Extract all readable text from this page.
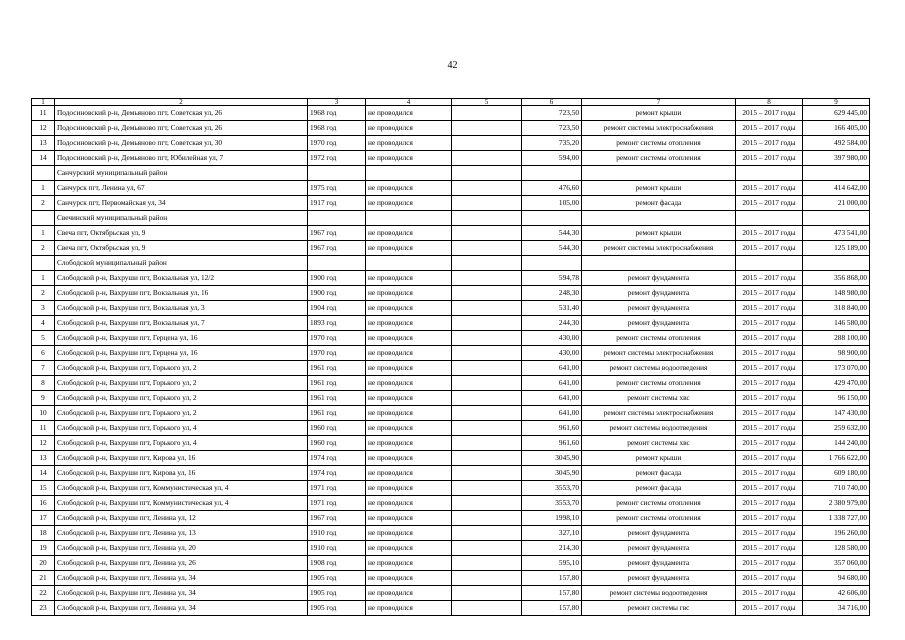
42
1	2	3	4	5	6	7	8	9
11	Подосиновский р-н, Демьяново пгт, Советская ул, 26	1968 год	не проводился		723,50	ремонт крыши	2015 – 2017 годы	629 445,00
12	Подосиновский р-н, Демьяново пгт, Советская ул, 26	1968 год	не проводился		723,50	ремонт системы электроснабжения	2015 – 2017 годы	166 405,00
13	Подосиновский р-н, Демьяново пгт, Советская ул, 30	1970 год	не проводился		735,20	ремонт системы отопления	2015 – 2017 годы	492 584,00
14	Подосиновский р-н, Демьяново пгт, Юбилейная ул, 7	1972 год	не проводился		594,00	ремонт системы отопления	2015 – 2017 годы	397 980,00
	Санчурский муниципальный район							
1	Санчурск пгт, Ленина ул, 67	1975 год	не проводился		476,60	ремонт крыши	2015 – 2017 годы	414 642,00
2	Санчурск пгт, Первомайская ул, 34	1917 год	не проводился		105,00	ремонт фасада	2015 – 2017 годы	21 000,00
	Свечинский муниципальный район							
1	Свеча пгт, Октябрьская ул, 9	1967 год	не проводился		544,30	ремонт крыши	2015 – 2017 годы	473 541,00
2	Свеча пгт, Октябрьская ул, 9	1967 год	не проводился		544,30	ремонт системы электроснабжения	2015 – 2017 годы	125 189,00
	Слободской муниципальный район							
1	Слободской р-н, Вахруши пгт, Вокзальная ул, 12/2	1900 год	не проводился		594,78	ремонт фундамента	2015 – 2017 годы	356 868,00
2	Слободской р-н, Вахруши пгт, Вокзальная ул, 16	1900 год	не проводился		248,30	ремонт фундамента	2015 – 2017 годы	148 980,00
3	Слободской р-н, Вахруши пгт, Вокзальная ул, 3	1904 год	не проводился		531,40	ремонт фундамента	2015 – 2017 годы	318 840,00
4	Слободской р-н, Вахруши пгт, Вокзальная ул, 7	1893 год	не проводился		244,30	ремонт фундамента	2015 – 2017 годы	146 580,00
5	Слободской р-н, Вахруши пгт, Герцена ул, 16	1970 год	не проводился		430,00	ремонт системы отопления	2015 – 2017 годы	288 100,00
6	Слободской р-н, Вахруши пгт, Герцена ул, 16	1970 год	не проводился		430,00	ремонт системы электроснабжения	2015 – 2017 годы	98 900,00
7	Слободской р-н, Вахруши пгт, Горького ул, 2	1961 год	не проводился		641,00	ремонт системы водоотведения	2015 – 2017 годы	173 070,00
8	Слободской р-н, Вахруши пгт, Горького ул, 2	1961 год	не проводился		641,00	ремонт системы отопления	2015 – 2017 годы	429 470,00
9	Слободской р-н, Вахруши пгт, Горького ул, 2	1961 год	не проводился		641,00	ремонт системы хвс	2015 – 2017 годы	96 150,00
10	Слободской р-н, Вахруши пгт, Горького ул, 2	1961 год	не проводился		641,00	ремонт системы электроснабжения	2015 – 2017 годы	147 430,00
11	Слободской р-н, Вахруши пгт, Горького ул, 4	1960 год	не проводился		961,60	ремонт системы водоотведения	2015 – 2017 годы	259 632,00
12	Слободской р-н, Вахруши пгт, Горького ул, 4	1960 год	не проводился		961,60	ремонт системы хвс	2015 – 2017 годы	144 240,00
13	Слободской р-н, Вахруши пгт, Кирова ул, 16	1974 год	не проводился		3045,90	ремонт крыши	2015 – 2017 годы	1 766 622,00
14	Слободской р-н, Вахруши пгт, Кирова ул, 16	1974 год	не проводился		3045,90	ремонт фасада	2015 – 2017 годы	609 180,00
15	Слободской р-н, Вахруши пгт, Коммунистическая ул, 4	1971 год	не проводился		3553,70	ремонт фасада	2015 – 2017 годы	710 740,00
16	Слободской р-н, Вахруши пгт, Коммунистическая ул, 4	1971 год	не проводился		3553,70	ремонт системы отопления	2015 – 2017 годы	2 380 979,00
17	Слободской р-н, Вахруши пгт, Ленина ул, 12	1967 год	не проводился		1998,10	ремонт системы отопления	2015 – 2017 годы	1 338 727,00
18	Слободской р-н, Вахруши пгт, Ленина ул, 13	1910 год	не проводился		327,10	ремонт фундамента	2015 – 2017 годы	196 260,00
19	Слободской р-н, Вахруши пгт, Ленина ул, 20	1910 год	не проводился		214,30	ремонт фундамента	2015 – 2017 годы	128 580,00
20	Слободской р-н, Вахруши пгт, Ленина ул, 26	1908 год	не проводился		595,10	ремонт фундамента	2015 – 2017 годы	357 060,00
21	Слободской р-н, Вахруши пгт, Ленина ул, 34	1905 год	не проводился		157,80	ремонт фундамента	2015 – 2017 годы	94 680,00
22	Слободской р-н, Вахруши пгт, Ленина ул, 34	1905 год	не проводился		157,80	ремонт системы водоотведения	2015 – 2017 годы	42 606,00
23	Слободской р-н, Вахруши пгт, Ленина ул, 34	1905 год	не проводился		157,80	ремонт системы гвс	2015 – 2017 годы	34 716,00
